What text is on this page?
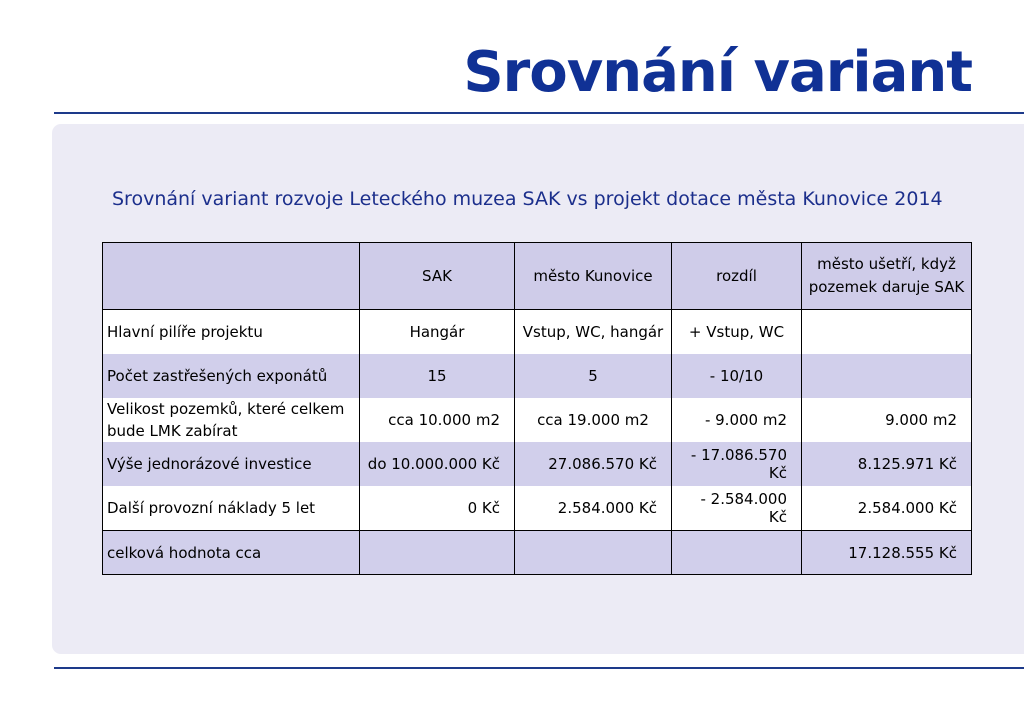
Srovnání variant
Srovnání variant rozvoje Leteckého muzea SAK vs projekt dotace města Kunovice 2014
	SAK	město Kunovice	rozdíl	město ušetří, když pozemek daruje SAK
Hlavní pilíře projektu	Hangár	Vstup, WC, hangár	+ Vstup, WC	
Počet zastřešených exponátů	15	5	- 10/10	
Velikost pozemků, které celkem bude LMK zabírat	cca 10.000 m2	cca 19.000 m2	- 9.000 m2	9.000 m2
Výše jednorázové investice	do 10.000.000 Kč	27.086.570 Kč	- 17.086.570 Kč	8.125.971 Kč
Další provozní náklady 5 let	0 Kč	2.584.000 Kč	- 2.584.000 Kč	2.584.000 Kč
celková hodnota cca				17.128.555 Kč
